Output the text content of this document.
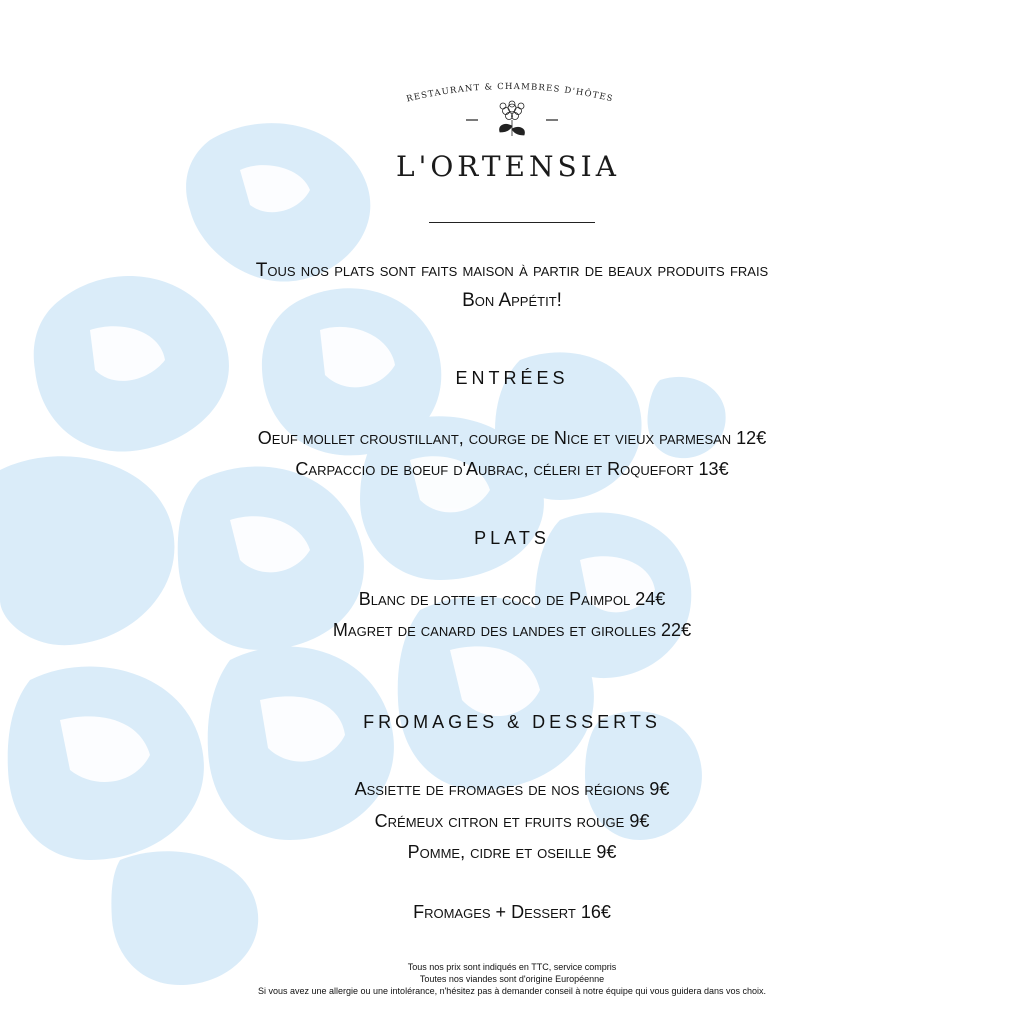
RESTAURANT & CHAMBRES D'HÔTES
L'ORTENSIA
Tous nos plats sont faits maison à partir de beaux produits frais
Bon Appétit!
ENTRÉES
Oeuf mollet croustillant, courge de Nice et vieux parmesan 12€
Carpaccio de boeuf d'Aubrac, céleri et Roquefort 13€
PLATS
Blanc de lotte et coco de Paimpol 24€
Magret de canard des landes et girolles 22€
FROMAGES & DESSERTS
Assiette de fromages de nos régions 9€
Crémeux citron et fruits rouge 9€
Pomme, cidre et oseille 9€
Fromages + Dessert 16€
Tous nos prix sont indiqués en TTC, service compris
Toutes nos viandes sont d'origine Européenne
Si vous avez une allergie ou une intolérance, n'hésitez pas à demander conseil à notre équipe qui vous guidera dans vos choix.
